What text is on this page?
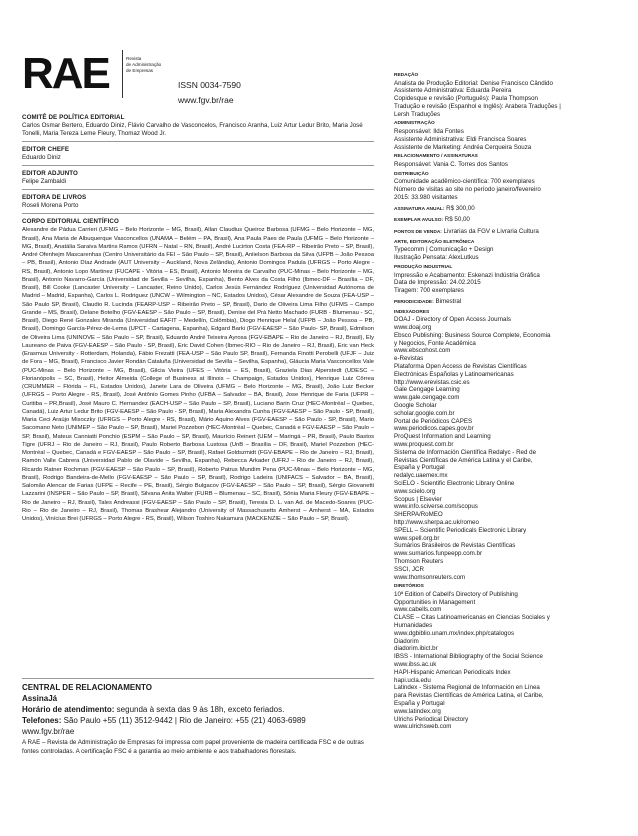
RAE	Revista
de Administração
de Empresas
ISSN 0034-7590
www.fgv.br/rae
COMITÊ DE POLÍTICA EDITORIAL
Carlos Osmar Bertero, Eduardo Diniz, Flávio Carvalho de Vasconcelos, Francisco Aranha, Luiz Artur Ledur Brito, Maria José Tonelli, Maria Tereza Leme Fleury, Thomaz Wood Jr.
EDITOR CHEFE
Eduardo Diniz
EDITOR ADJUNTO
Felipe Zambaldi
EDITORA DE LIVROS
Roseli Morena Porto
CORPO EDITORIAL CIENTÍFICO
Alexandre de Pádua Carrieri (UFMG – Belo Horizonte – MG, Brasil), Allan Claudius Queiroz Barbosa (UFMG – Belo Horizonte – MG, Brasil), Ana Maria de Albuquerque Vasconcellos (UNAMA – Belém – PA, Brasil), Ana Paula Paes de Paula (UFMG – Belo Horizonte – MG, Brasil), Anatália Saraiva Martins Ramos (UFRN – Natal – RN, Brasil), André Lucirton Costa (FEA-RP – Ribeirão Preto – SP, Brasil), André Ofenhejm Mascarenhas (Centro Universitário da FEI – São Paulo – SP, Brasil), Aniielson Barbosa da Silva (UFPB – João Pessoa – PB, Brasil), Antonio Díaz Andrade (AUT University – Auckland, Nova Zelândia), Antonio Domingos Padula (UFRGS – Porto Alegre - RS, Brasil), Antonio Lopo Martinez (FUCAPE - Vitória – ES, Brasil), Antonio Moreira de Carvalho (PUC-Minas – Belo Horizonte – MG, Brasil), Antonio Navarro-García (Universidad de Sevilla – Sevilha, Espanha), Bento Alves da Costa Filho (Ibmec-DF – Brasília – DF, Brasil), Bill Cooke (Lancaster University – Lancaster, Reino Unido), Carlos Jesús Fernández Rodríguez (Universidad Autónoma de Madrid – Madrid, Espanha), Carlos L. Rodriguez (UNCW – Wilmington – NC, Estados Unidos), César Alexandre de Souza (FEA-USP – São Paulo SP, Brasil), Claudio R. Lucinda (FEARP-USP – Ribeirão Preto – SP, Brasil), Dario de Oliveira Lima Filho (UFMS – Campo Grande – MS, Brasil), Delane Botelho (FGV-EAESP – São Paulo – SP, Brasil), Denise del Prá Netto Machado (FURB - Blumenau - SC, Brasil), Diego René Gonzales Miranda (Universidad EAFIT – Medellín, Colômbia), Diogo Henrique Helal (UFPB – João Pessoa – PB, Brasil), Domingo García-Pérez-de-Lema (UPCT - Cartagena, Espanha), Edgard Barki (FGV-EAESP – São Paulo- SP, Brasil), Edmilson de Oliveira Lima (UNINOVE – São Paulo – SP, Brasil), Eduardo André Teixeira Ayrosa (FGV-EBAPE – Rio de Janeiro – RJ, Brasil), Ely Laureano de Paiva (FGV-EAESP – São Paulo - SP, Brasil), Eric David Cohen (Ibmec-RIO – Rio de Janeiro – RJ, Brasil), Eric van Heck (Erasmus University - Rotterdam, Holanda), Fábio Frezatti (FEA-USP – São Paulo SP, Brasil), Fernanda Finotti Perobelli (UFJF – Juiz de Fora – MG, Brasil), Francisco Javier Rondán Cataluña (Universidad de Sevilla – Sevilha, Espanha), Gláucia Maria Vasconcellos Vale (PUC-Minas – Belo Horizonte – MG, Brasil), Gilcia Vieira (UFES – Vitória – ES, Brasil), Graziela Dias Alperstedt (UDESC – Florianópolis – SC, Brasil), Heitor Almeida (College of Business at Illinois – Champaign, Estados Unidos), Henrique Luiz Côrrea (CRUMMER – Flórida – FL, Estados Unidos), Janete Lara de Oliveira (UFMG – Belo Horizonte – MG, Brasil), João Luiz Becker (UFRGS – Porto Alegre - RS, Brasil), José Antônio Gomes Pinho (UFBA – Salvador – BA, Brasil), Jose Henrique de Faria (UFPR – Curitiba – PR,Brasil), José Mauro C. Hernandez (EACH-USP – São Paulo – SP, Brasil), Luciano Barin Cruz (HEC-Montréal – Quebec, Canadá), Luiz Artur Ledur Brito (FGV-EAESP – São Paulo - SP, Brasil), Maria Alexandra Cunha (FGV-EAESP – São Paulo - SP, Brasil), Maria Ceci Araújo Misoczky (UFRGS – Porto Alegre - RS, Brasil), Mário Aquino Alves (FGV-EAESP – São Paulo - SP, Brasil), Mario Sacomano Neto (UNIMEP – São Paulo – SP, Brasil), Mariel Pozzebon (HEC-Montréal – Quebec, Canadá e FGV-EAESP – São Paulo – SP, Brasil), Mateus Canniatti Ponchio (ESPM – São Paulo – SP, Brasil), Maurício Reinert (UEM – Maringá – PR, Brasil), Paulo Bastos Tigre (UFRJ – Rio de Janeiro – RJ, Brasil), Paulo Roberto Barbosa Lustosa (UnB – Brasília – DF, Brasil), Mariel Pozzebon (HEC-Montréal – Quebec, Canadá e FGV-EAESP – São Paulo – SP, Brasil), Rafael Goldszmidt (FGV-EBAPE – Rio de Janeiro – RJ, Brasil), Ramón Valle Cabrera (Universidad Pablo de Olavide – Sevilha, Espanha), Rebecca Arkader (UFRJ – Rio de Janeiro – RJ, Brasil), Ricardo Ratner Rochman (FGV-EAESP – São Paulo – SP, Brasil), Roberto Patrus Mundim Pena (PUC-Minas – Belo Horizonte – MG, Brasil), Rodrigo Bandeira-de-Mello (FGV-EAESP – São Paulo – SP, Brasil), Rodrigo Ladeira (UNIFACS – Salvador – BA, Brasil), Salomão Alencar de Farias (UFPE – Recife – PE, Brasil), Sérgio Bulgacov (FGV-EAESP – São Paulo – SP, Brasil), Sérgio Giovanetti Lazzarini (INSPER – São Paulo – SP, Brasil), Silvana Anita Walter (FURB – Blumenau – SC, Brasil), Sônia Maria Fleury (FGV-EBAPE – Rio de Janeiro – RJ, Brasil), Tales Andreassi (FGV-EAESP – São Paulo – SP, Brasil), Teresia D. L. van Ad. de Macedo-Soares (PUC-Rio – Rio de Janeiro – RJ, Brasil), Thomas Brashear Alejandro (University of Massachusetts Amherst – Amherst – MA, Estados Unidos), Vinícius Brei (UFRGS – Porto Alegre - RS, Brasil), Wilson Toshiro Nakamura (MACKENZIE – São Paulo – SP, Brasil).
CENTRAL DE RELACIONAMENTO
AssinaJá
Horário de atendimento: segunda à sexta das 9 às 18h, exceto feriados.
Telefones: São Paulo +55 (11) 3512-9442 | Rio de Janeiro: +55 (21) 4063-6989
www.fgv.br/rae
A RAE – Revista de Administração de Empresas foi impressa com papel proveniente de madeira certificada FSC e de outras fontes controladas. A certificação FSC é a garantia ao meio ambiente e aos trabalhadores florestais.
REDAÇÃO
Analista de Produção Editorial: Denise Francisco Cândido
Assistente Administrativa: Eduarda Pereira
Copidesque e revisão (Português): Paula Thompson
Tradução e revisão (Espanhol e Inglês): Arabera Traduções |
Lersh Traduções
ADMINISTRAÇÃO
Responsável: Ilda Fontes
Assistente Administrativa: Eldi Francisca Soares
Assistente de Marketing: Andréa Cerqueira Souza
RELACIONAMENTO / ASSINATURAS
Responsável: Vania C. Torres dos Santos
DISTRIBUIÇÃO
Comunidade acadêmico-científica: 700 exemplares
Número de visitas ao site no período janeiro/fevereiro
2015: 33.980 visitantes
ASSINATURA ANUAL: R$ 300,00
EXEMPLAR AVULSO: R$ 50,00
PONTOS DE VENDA: Livrarias da FGV e Livraria Cultura
ARTE, EDITORAÇÃO ELETRÔNICA
Typecomm | Comunicação + Design
Ilustração Pensata: AlexLutkus
PRODUÇÃO INDUSTRIAL
Impressão e Acabamento: Eskenazi Indústria Gráfica
Data de Impressão: 24.02.2015
Tiragem: 700 exemplares
PERIODICIDADE: Bimestral
INDEXADORES
DOAJ - Directory of Open Access Journals
www.doaj.org
Ebsco Publishing: Business Source Complete, Economia
y Negocios, Fonte Acadêmica
www.ebscohost.com
e-Revistas
Plataforma Open Access de Revistas Científicas
Electrónicas Españolas y Latinoamericanas
http://www.erevistas.csic.es
Gale Cengage Learning
www.gale.cengage.com
Google Scholar
scholar.google.com.br
Portal de Periódicos CAPES
www.periodicos.capes.gov.br
ProQuest Information and Learning
www.proquest.com.br
Sistema de Información Científica Redalyc - Red de
Revistas Científicas de América Latina y el Caribe,
España y Portugal
redalyc.uaemex.mx
SciELO - Scientific Electronic Library Online
www.scielo.org
Scopus | Elsevier
www.info.sciverse.com/scopus
SHERPA/RoMEO
http://www.sherpa.ac.uk/romeo
SPELL – Scientific Periodicals Electronic Library
www.spell.org.br
Sumários Brasileiros de Revistas Científicas
www.sumarios.funpeepp.com.br
Thomson Reuters
SSCI, JCR
www.thomsonreuters.com
DIRETÓRIOS
10ª Edition of Cabell's Directory of Publishing
Opportunities in Management
www.cabells.com
CLASE – Citas Latinoamericanas en Ciencias Sociales y
Humanidades
www.dgbiblio.unam.mx/index.php/catalogos
Diadorim
diadorim.ibict.br
IBSS - International Bibliography of the Social Science
www.ibss.ac.uk
HAPI-Hispanic American Periodicals Index
hapi.ucla.edu
Latindex - Sistema Regional de Información en Línea
para Revistas Científicas de América Latina, el Caribe,
España y Portugal
www.latindex.org
Ulrichs Periodical Directory
www.ulrichsweb.com
